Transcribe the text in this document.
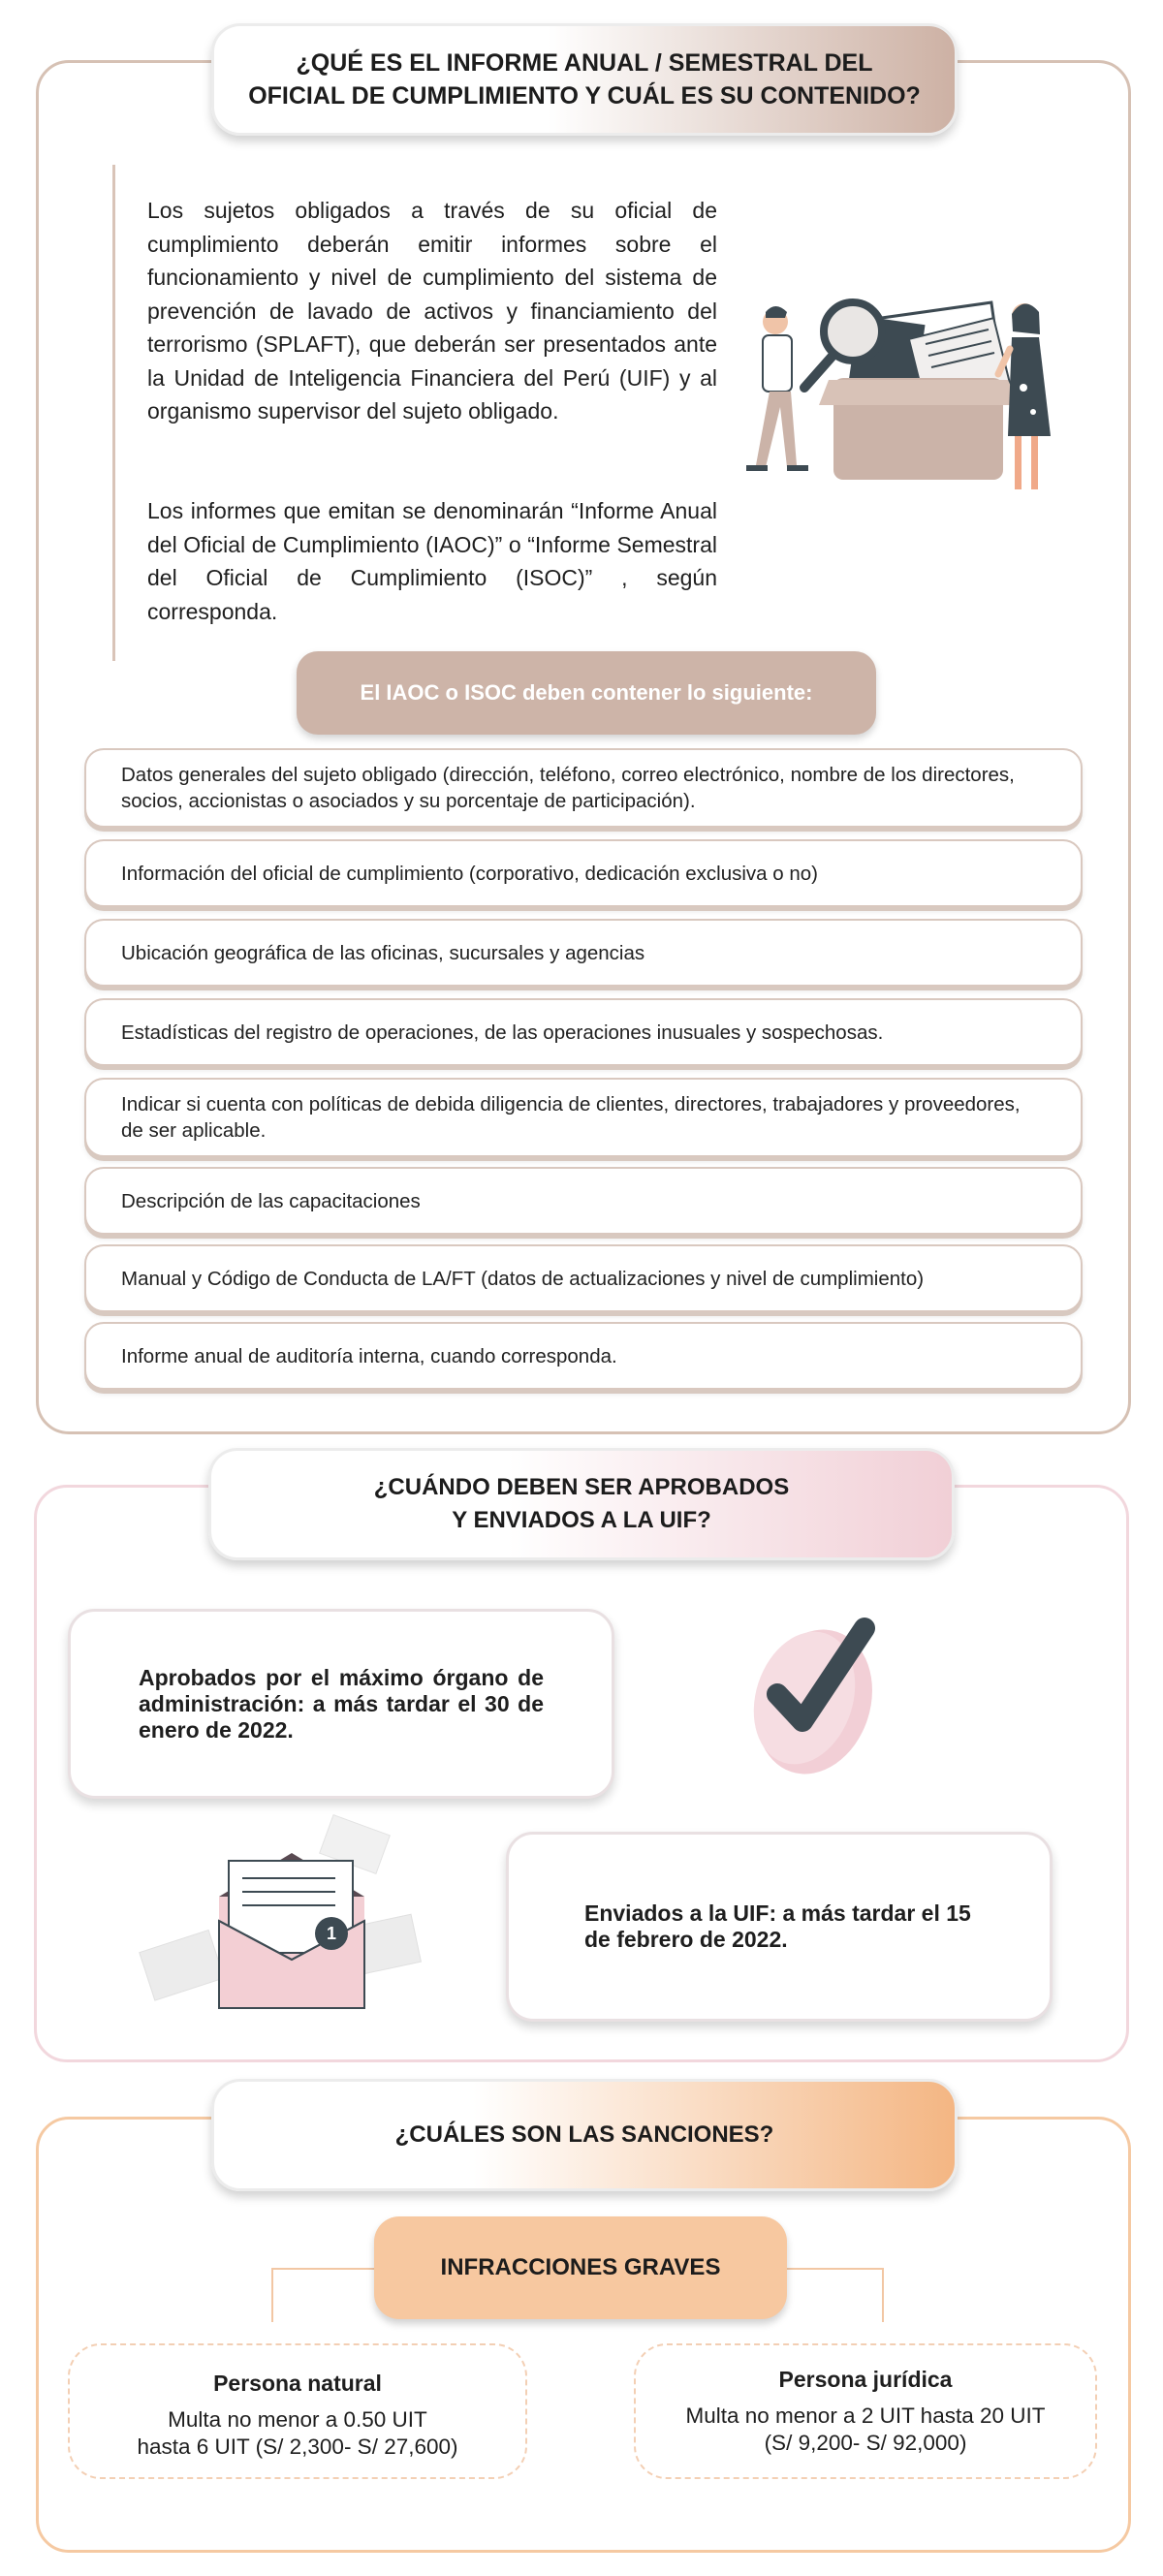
¿QUÉ ES EL INFORME ANUAL / SEMESTRAL DEL
OFICIAL DE CUMPLIMIENTO Y CUÁL ES SU CONTENIDO?
Los sujetos obligados a través de su oficial de cumplimiento deberán emitir informes sobre el funcionamiento y nivel de cumplimiento del sistema de prevención de lavado de activos y financiamiento del terrorismo (SPLAFT), que deberán ser presentados ante la Unidad de Inteligencia Financiera del Perú (UIF) y al organismo supervisor del sujeto obligado.
Los informes que emitan se denominarán “Informe Anual del Oficial de Cumplimiento (IAOC)” o “Informe Semestral del Oficial de Cumplimiento (ISOC)” , según corresponda.
El IAOC o ISOC deben contener lo siguiente:
Datos generales del sujeto obligado (dirección, teléfono, correo electrónico, nombre de los directores, socios, accionistas o asociados y su porcentaje de participación).
Información del oficial de cumplimiento (corporativo, dedicación exclusiva o no)
Ubicación geográfica de las oficinas, sucursales y agencias
Estadísticas del registro de operaciones, de las operaciones inusuales y sospechosas.
Indicar si cuenta con políticas de debida diligencia de clientes, directores, trabajadores y proveedores, de ser aplicable.
Descripción de las capacitaciones
Manual y Código de Conducta de LA/FT (datos de actualizaciones y nivel de cumplimiento)
Informe anual de auditoría interna, cuando corresponda.
¿CUÁNDO DEBEN SER APROBADOS
Y ENVIADOS A LA UIF?
Aprobados por el máximo órgano de administración: a más tardar el 30 de enero de 2022.
1
Enviados a la UIF: a más tardar el 15 de febrero de 2022.
¿CUÁLES SON LAS SANCIONES?
INFRACCIONES GRAVES
Persona natural
Multa no menor a 0.50 UIT
hasta 6 UIT (S/ 2,300- S/ 27,600)
Persona jurídica
Multa no menor a 2 UIT hasta 20 UIT
(S/ 9,200- S/ 92,000)
